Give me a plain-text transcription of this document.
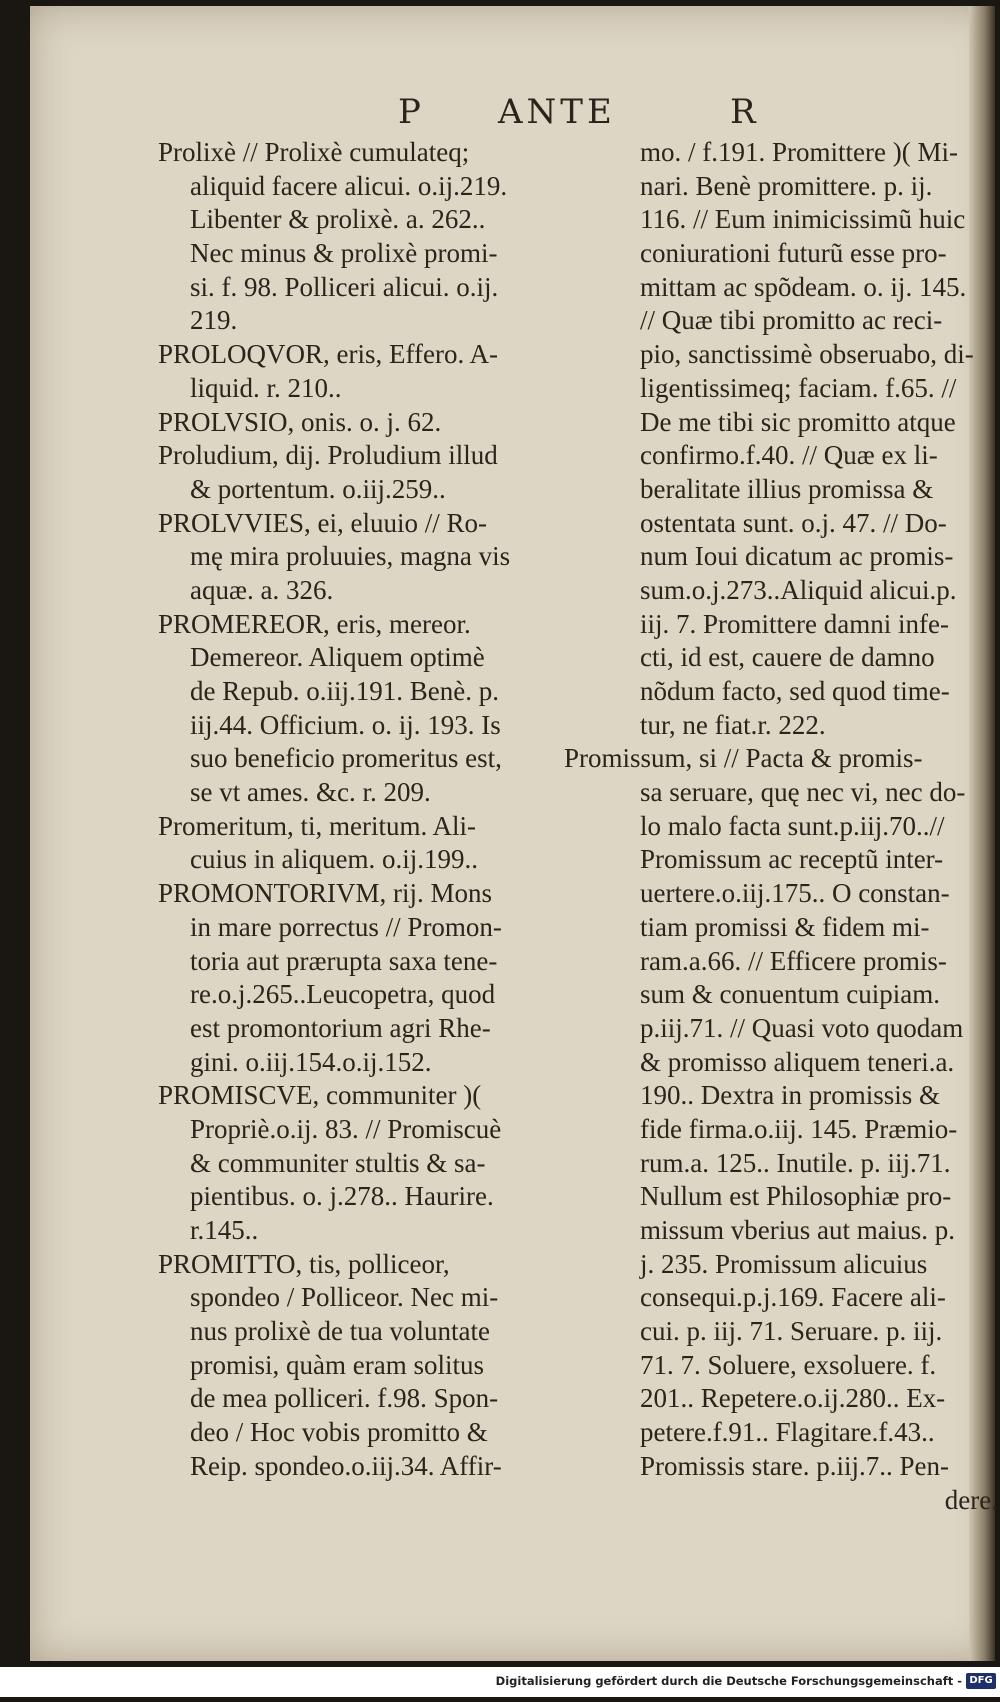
P ANTE	R
Prolixè // Prolixè cumulateq;
aliquid facere alicui. o.ij.219.
Libenter & prolixè. a. 262..
Nec minus & prolixè promi-
si. f. 98. Polliceri alicui. o.ij.
219.
PROLOQVOR, eris, Effero. A-
liquid. r. 210..
PROLVSIO, onis. o. j. 62.
Proludium, dij. Proludium illud
& portentum. o.iij.259..
PROLVVIES, ei, eluuio // Ro-
mę mira proluuies, magna vis
aquæ. a. 326.
PROMEREOR, eris, mereor.
Demereor. Aliquem optimè
de Repub. o.iij.191. Benè. p.
iij.44. Officium. o. ij. 193. Is
suo beneficio promeritus est,
se vt ames. &c. r. 209.
Promeritum, ti, meritum. Ali-
cuius in aliquem. o.ij.199..
PROMONTORIVM, rij. Mons
in mare porrectus // Promon-
toria aut prærupta saxa tene-
re.o.j.265..Leucopetra, quod
est promontorium agri Rhe-
gini. o.iij.154.o.ij.152.
PROMISCVE, communiter )(
Propriè.o.ij. 83. // Promiscuè
& communiter stultis & sa-
pientibus. o. j.278.. Haurire.
r.145..
PROMITTO, tis, polliceor,
spondeo / Polliceor. Nec mi-
nus prolixè de tua voluntate
promisi, quàm eram solitus
de mea polliceri. f.98. Spon-
deo / Hoc vobis promitto &
Reip. spondeo.o.iij.34. Affir-
mo. / f.191. Promittere )( Mi-
nari. Benè promittere. p. ij.
116. // Eum inimicissimũ huic
coniurationi futurũ esse pro-
mittam ac spõdeam. o. ij. 145.
// Quæ tibi promitto ac reci-
pio, sanctissimè obseruabo, di-
ligentissimeq; faciam. f.65. //
De me tibi sic promitto atque
confirmo.f.40. // Quæ ex li-
beralitate illius promissa &
ostentata sunt. o.j. 47. // Do-
num Ioui dicatum ac promis-
sum.o.j.273..Aliquid alicui.p.
iij. 7. Promittere damni infe-
cti, id est, cauere de damno
nõdum facto, sed quod time-
tur, ne fiat.r. 222.
Promissum, si // Pacta & promis-
sa seruare, quę nec vi, nec do-
lo malo facta sunt.p.iij.70..//
Promissum ac receptũ inter-
uertere.o.iij.175.. O constan-
tiam promissi & fidem mi-
ram.a.66. // Efficere promis-
sum & conuentum cuipiam.
p.iij.71. // Quasi voto quodam
& promisso aliquem teneri.a.
190.. Dextra in promissis &
fide firma.o.iij. 145. Præmio-
rum.a. 125.. Inutile. p. iij.71.
Nullum est Philosophiæ pro-
missum vberius aut maius. p.
j. 235. Promissum alicuius
consequi.p.j.169. Facere ali-
cui. p. iij. 71. Seruare. p. iij.
71. 7. Soluere, exsoluere. f.
201.. Repetere.o.ij.280.. Ex-
petere.f.91.. Flagitare.f.43..
Promissis stare. p.iij.7.. Pen-
dere.
Digitalisierung gefördert durch die Deutsche Forschungsgemeinschaft - DFG
